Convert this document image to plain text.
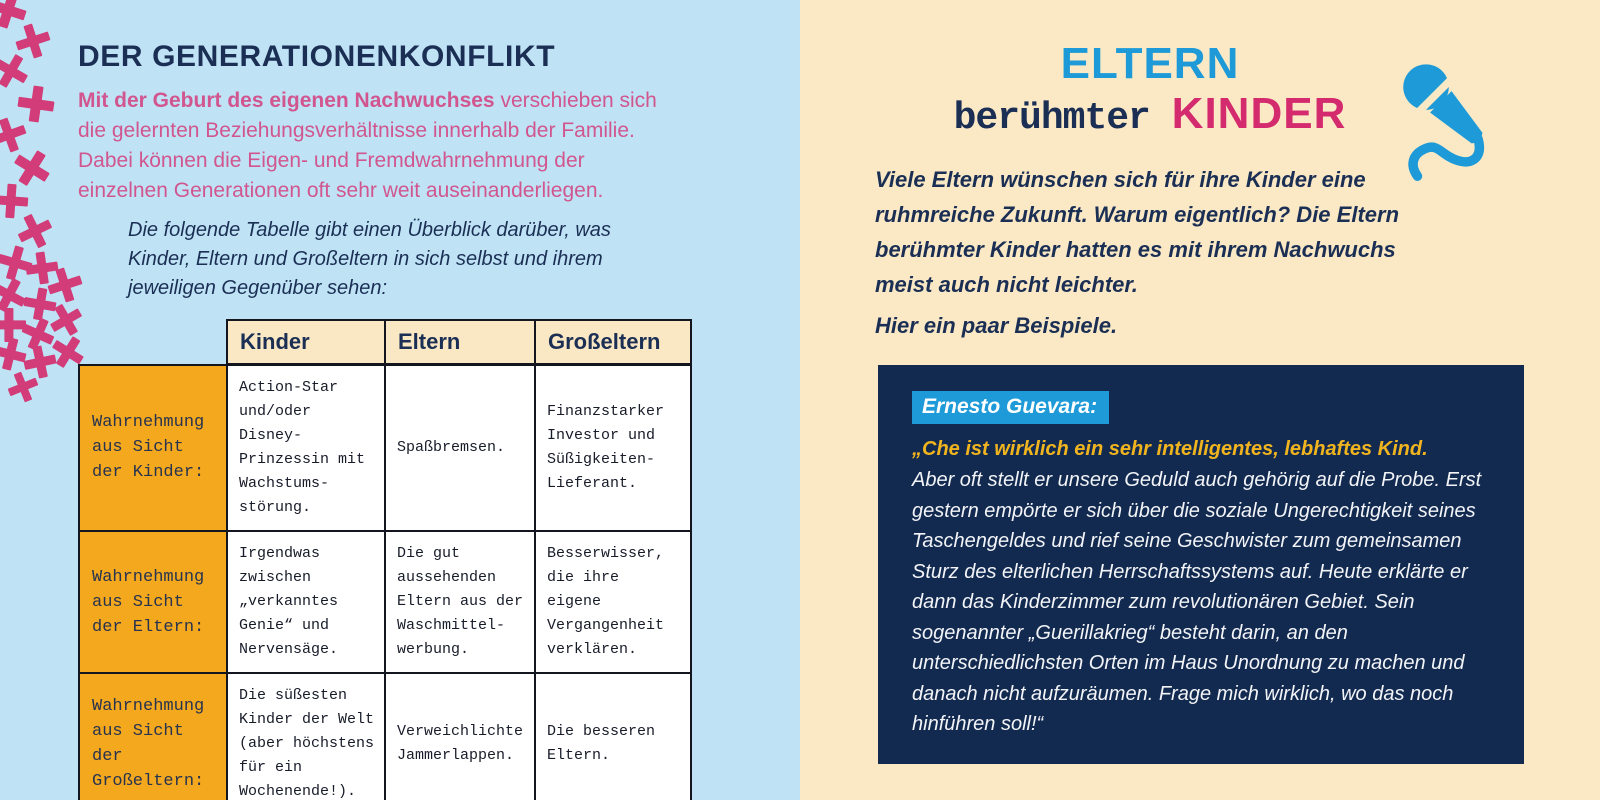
DER GENERATIONENKONFLIKT

Mit der Geburt des eigenen Nachwuchses verschieben sich die gelernten Beziehungsverhältnisse innerhalb der Familie. Dabei können die Eigen- und Fremdwahrnehmung der einzelnen Generationen oft sehr weit auseinanderliegen.

Die folgende Tabelle gibt einen Überblick darüber, was Kinder, Eltern und Großeltern in sich selbst und ihrem jeweiligen Gegenüber sehen:

	Kinder	Eltern	Großeltern
Wahrnehmung aus Sicht der Kinder:	Action-Star und/oder Disney-Prinzessin mit Wachstums-störung.	Spaßbremsen.	Finanzstarker Investor und Süßigkeiten-Lieferant.
Wahrnehmung aus Sicht der Eltern:	Irgendwas zwischen „verkanntes Genie“ und Nervensäge.	Die gut aussehenden Eltern aus der Waschmittel-werbung.	Besserwisser, die ihre eigene Vergangenheit verklären.
Wahrnehmung aus Sicht der Großeltern:	Die süßesten Kinder der Welt (aber höchstens für ein Wochenende!).	Verweichlichte Jammerlappen.	Die besseren Eltern.
ELTERN
berühmter KINDER

Viele Eltern wünschen sich für ihre Kinder eine ruhmreiche Zukunft. Warum eigentlich? Die Eltern berühmter Kinder hatten es mit ihrem Nachwuchs meist auch nicht leichter.

Hier ein paar Beispiele.

Ernesto Guevara:
„Che ist wirklich ein sehr intelligentes, lebhaftes Kind.
Aber oft stellt er unsere Geduld auch gehörig auf die Probe. Erst gestern empörte er sich über die soziale Ungerechtigkeit seines Taschengeldes und rief seine Geschwister zum gemeinsamen Sturz des elterlichen Herrschaftssystems auf. Heute erklärte er dann das Kinderzimmer zum revolutionären Gebiet. Sein sogenannter „Guerillakrieg“ besteht darin, an den unterschiedlichsten Orten im Haus Unordnung zu machen und danach nicht aufzuräumen. Frage mich wirklich, wo das noch hinführen soll!“
